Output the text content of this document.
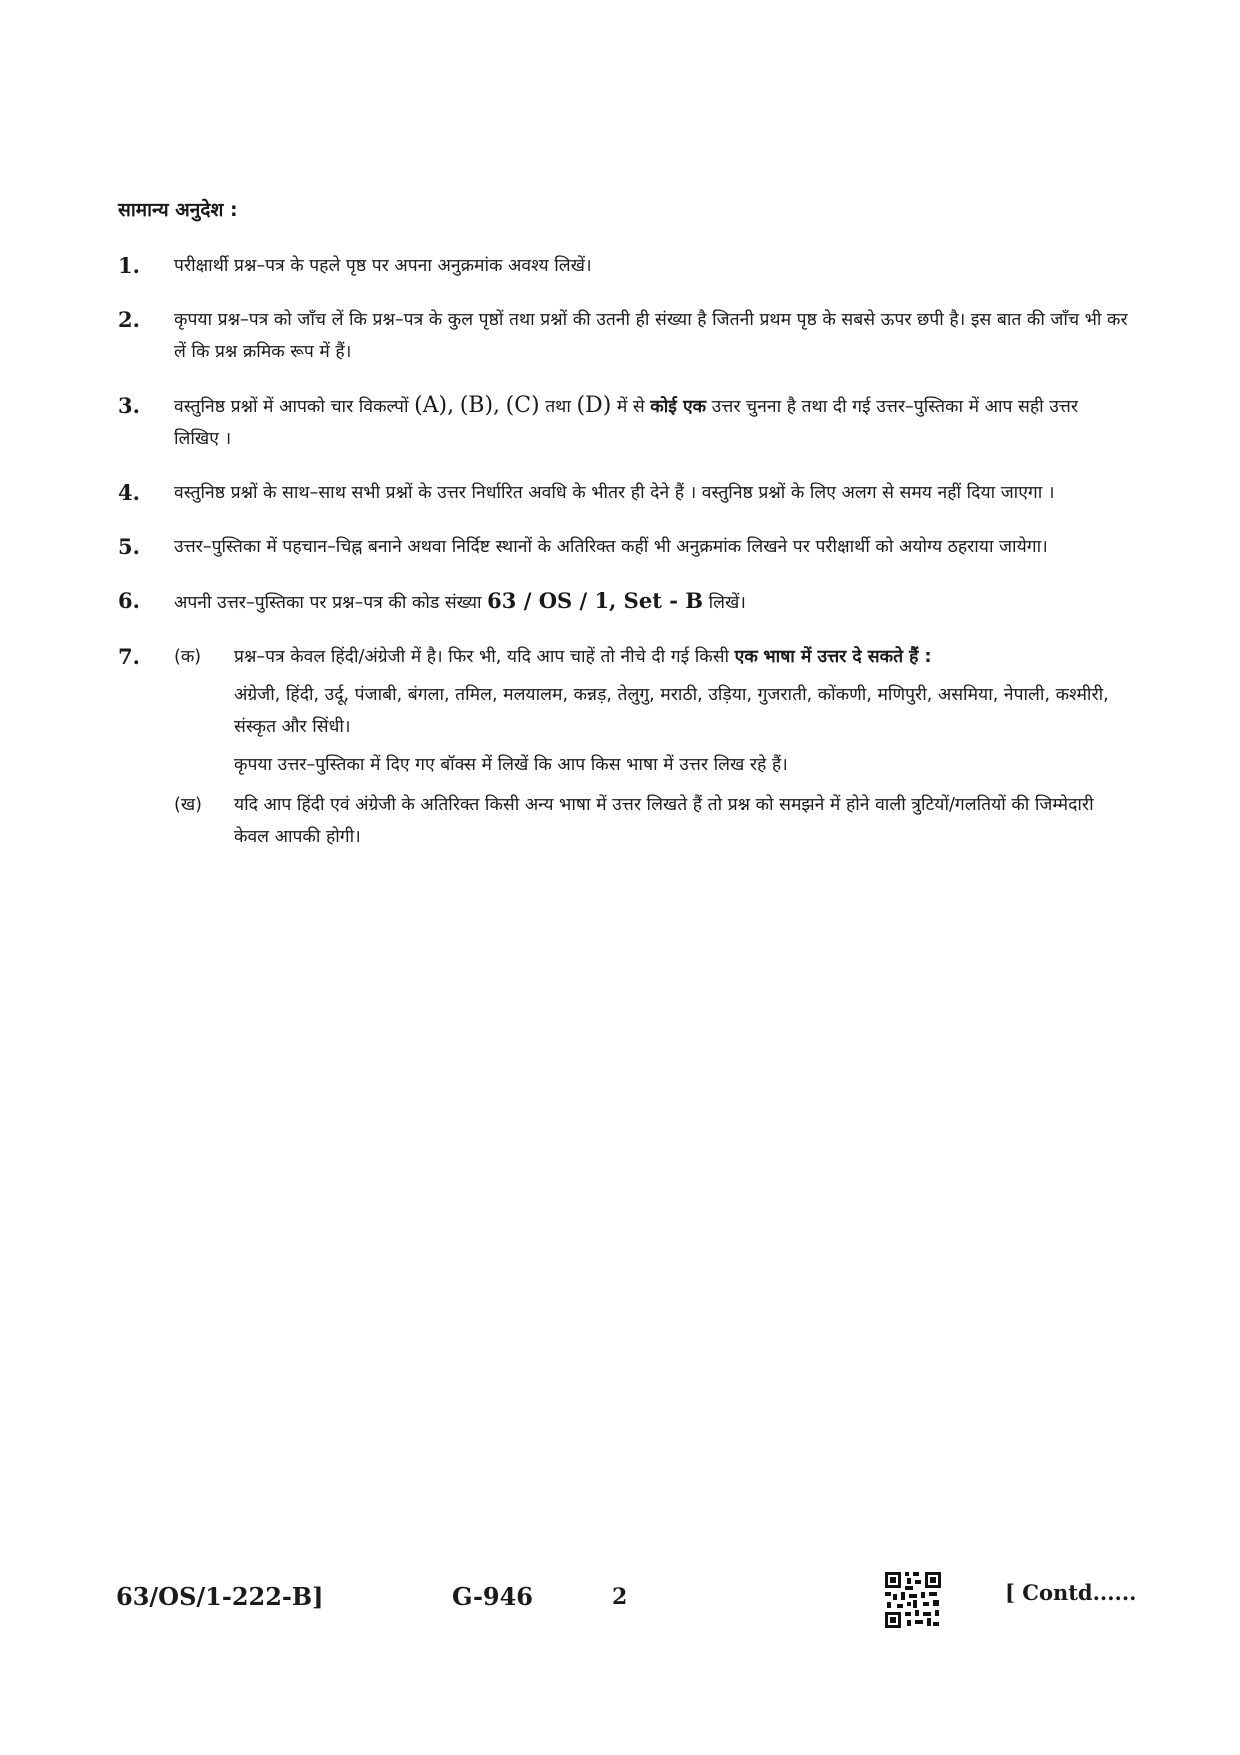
सामान्य अनुदेश :
1. परीक्षार्थी प्रश्न–पत्र के पहले पृष्ठ पर अपना अनुक्रमांक अवश्य लिखें।
2. कृपया प्रश्न–पत्र को जाँच लें कि प्रश्न–पत्र के कुल पृष्ठों तथा प्रश्नों की उतनी ही संख्या है जितनी प्रथम पृष्ठ के सबसे ऊपर छपी है। इस बात की जाँच भी कर लें कि प्रश्न क्रमिक रूप में हैं।
3. वस्तुनिष्ठ प्रश्नों में आपको चार विकल्पों (A), (B), (C) तथा (D) में से कोई एक उत्तर चुनना है तथा दी गई उत्तर–पुस्तिका में आप सही उत्तर लिखिए ।
4. वस्तुनिष्ठ प्रश्नों के साथ–साथ सभी प्रश्नों के उत्तर निर्धारित अवधि के भीतर ही देने हैं । वस्तुनिष्ठ प्रश्नों के लिए अलग से समय नहीं दिया जाएगा ।
5. उत्तर–पुस्तिका में पहचान–चिह्न बनाने अथवा निर्दिष्ट स्थानों के अतिरिक्त कहीं भी अनुक्रमांक लिखने पर परीक्षार्थी को अयोग्य ठहराया जायेगा।
6. अपनी उत्तर–पुस्तिका पर प्रश्न–पत्र की कोड संख्या 63 / OS / 1, Set - B लिखें।
7. (क) प्रश्न–पत्र केवल हिंदी/अंग्रेजी में है। फिर भी, यदि आप चाहें तो नीचे दी गई किसी एक भाषा में उत्तर दे सकते हैं :

अंग्रेजी, हिंदी, उर्दू, पंजाबी, बंगला, तमिल, मलयालम, कन्नड़, तेलुगु, मराठी, उड़िया, गुजराती, कोंकणी, मणिपुरी, असमिया, नेपाली, कश्मीरी, संस्कृत और सिंधी।

कृपया उत्तर–पुस्तिका में दिए गए बॉक्स में लिखें कि आप किस भाषा में उत्तर लिख रहे हैं।

(ख) यदि आप हिंदी एवं अंग्रेजी के अतिरिक्त किसी अन्य भाषा में उत्तर लिखते हैं तो प्रश्न को समझने में होने वाली त्रुटियों/गलतियों की जिम्मेदारी केवल आपकी होगी।

63/OS/1-222-B]	G-946	2	[ Contd......
